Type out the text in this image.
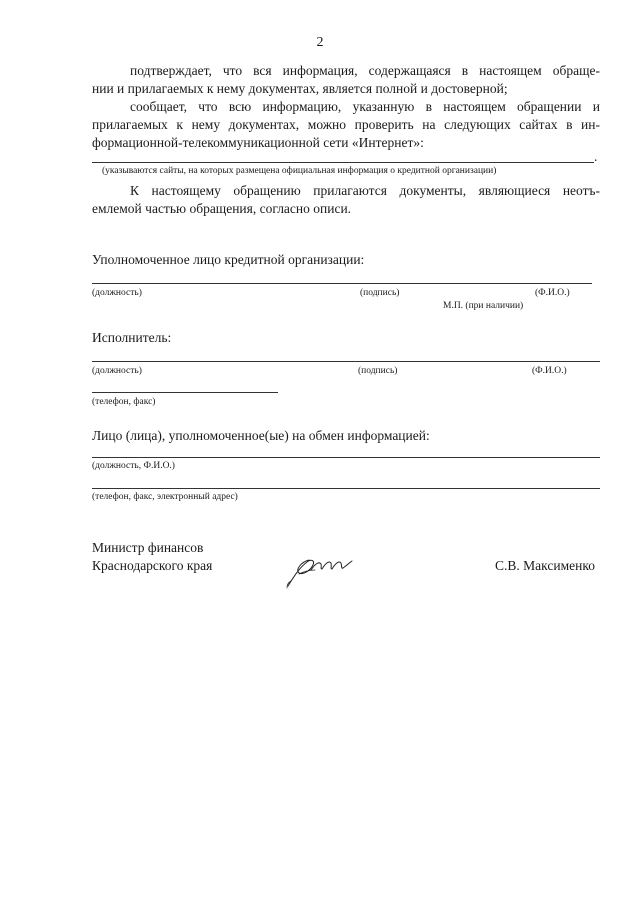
2
подтверждает, что вся информация, содержащаяся в настоящем обраще-
нии и прилагаемых к нему документах, является полной и достоверной;
сообщает, что всю информацию, указанную в настоящем обращении и
прилагаемых к нему документах, можно проверить на следующих сайтах в ин-
формационной-телекоммуникационной сети «Интернет»:
.
(указываются сайты, на которых размещена официальная информация о кредитной организации)
К настоящему обращению прилагаются документы, являющиеся неотъ-
емлемой частью обращения, согласно описи.
Уполномоченное лицо кредитной организации:
(должность)	(подпись)	(Ф.И.О.)
М.П. (при наличии)
Исполнитель:
(должность)	(подпись)	(Ф.И.О.)
(телефон, факс)
Лицо (лица), уполномоченное(ые) на обмен информацией:
(должность, Ф.И.О.)
(телефон, факс, электронный адрес)
Министр финансов
Краснодарского края	С.В. Максименко
